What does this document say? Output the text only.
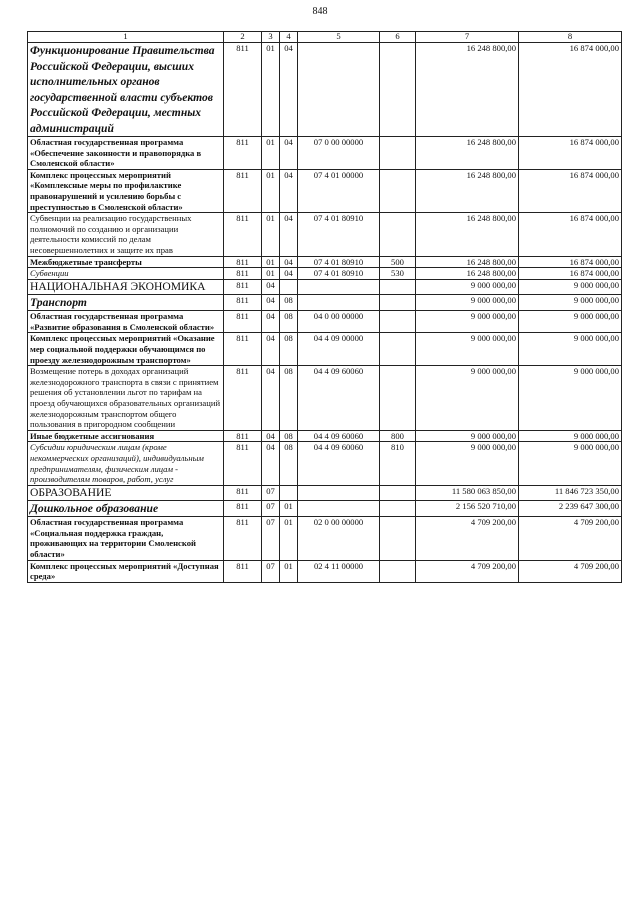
848
1	2	3	4	5	6	7	8
Функционирование Правительства Российской Федерации, высших исполнительных органов государственной власти субъектов Российской Федерации, местных администраций	811	01	04			16 248 800,00	16 874 000,00
Областная государственная программа «Обеспечение законности и правопорядка в Смоленской области»	811	01	04	07 0 00 00000		16 248 800,00	16 874 000,00
Комплекс процессных мероприятий «Комплексные меры по профилактике правонарушений и усилению борьбы с преступностью в Смоленской области»	811	01	04	07 4 01 00000		16 248 800,00	16 874 000,00
Субвенции на реализацию государственных полномочий по созданию и организации деятельности комиссий по делам несовершеннолетних и защите их прав	811	01	04	07 4 01 80910		16 248 800,00	16 874 000,00
Межбюджетные трансферты	811	01	04	07 4 01 80910	500	16 248 800,00	16 874 000,00
Субвенции	811	01	04	07 4 01 80910	530	16 248 800,00	16 874 000,00
НАЦИОНАЛЬНАЯ ЭКОНОМИКА	811	04				9 000 000,00	9 000 000,00
Транспорт	811	04	08			9 000 000,00	9 000 000,00
Областная государственная программа «Развитие образования в Смоленской области»	811	04	08	04 0 00 00000		9 000 000,00	9 000 000,00
Комплекс процессных мероприятий «Оказание мер социальной поддержки обучающимся по проезду железнодорожным транспортом»	811	04	08	04 4 09 00000		9 000 000,00	9 000 000,00
Возмещение потерь в доходах организаций железнодорожного транспорта в связи с принятием решения об установлении льгот по тарифам на проезд обучающихся образовательных организаций железнодорожным транспортом общего пользования в пригородном сообщении	811	04	08	04 4 09 60060		9 000 000,00	9 000 000,00
Иные бюджетные ассигнования	811	04	08	04 4 09 60060	800	9 000 000,00	9 000 000,00
Субсидии юридическим лицам (кроме некоммерческих организаций), индивидуальным предпринимателям, физическим лицам - производителям товаров, работ, услуг	811	04	08	04 4 09 60060	810	9 000 000,00	9 000 000,00
ОБРАЗОВАНИЕ	811	07				11 580 063 850,00	11 846 723 350,00
Дошкольное образование	811	07	01			2 156 520 710,00	2 239 647 300,00
Областная государственная программа «Социальная поддержка граждан, проживающих на территории Смоленской области»	811	07	01	02 0 00 00000		4 709 200,00	4 709 200,00
Комплекс процессных мероприятий «Доступная среда»	811	07	01	02 4 11 00000		4 709 200,00	4 709 200,00
